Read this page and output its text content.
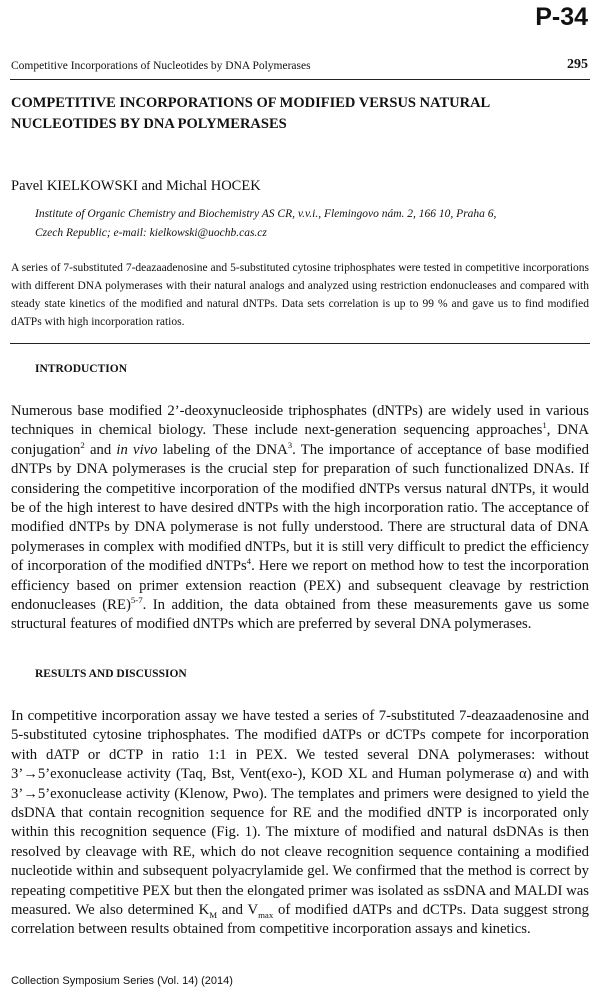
P-34
Competitive Incorporations of Nucleotides by DNA Polymerases	295
COMPETITIVE INCORPORATIONS OF MODIFIED VERSUS NATURAL
NUCLEOTIDES BY DNA POLYMERASES
Pavel KIELKOWSKI and Michal HOCEK
Institute of Organic Chemistry and Biochemistry AS CR, v.v.i., Flemingovo nám. 2, 166 10, Praha 6,
Czech Republic; e-mail: kielkowski@uochb.cas.cz
A series of 7-substituted 7-deazaadenosine and 5-substituted cytosine triphosphates were tested in competitive incorporations with different DNA polymerases with their natural analogs and analyzed using restriction endonucleases and compared with steady state kinetics of the modified and natural dNTPs. Data sets correlation is up to 99 % and gave us to find modified dATPs with high incorporation ratios.
INTRODUCTION
Numerous base modified 2’-deoxynucleoside triphosphates (dNTPs) are widely used in various techniques in chemical biology. These include next-generation sequencing approaches$^1$, DNA conjugation$^2$ and in vivo labeling of the DNA$^3$. The importance of acceptance of base modified dNTPs by DNA polymerases is the crucial step for preparation of such functionalized DNAs. If considering the competitive incorporation of the modified dNTPs versus natural dNTPs, it would be of the high interest to have desired dNTPs with the high incorporation ratio. The acceptance of modified dNTPs by DNA polymerase is not fully understood. There are structural data of DNA polymerases in complex with modified dNTPs, but it is still very difficult to predict the efficiency of incorporation of the modified dNTPs$^4$. Here we report on method how to test the incorporation efficiency based on primer extension reaction (PEX) and subsequent cleavage by restriction endonucleases (RE)$^{5-7}$. In addition, the data obtained from these measurements gave us some structural features of modified dNTPs which are preferred by several DNA polymerases.
RESULTS AND DISCUSSION
In competitive incorporation assay we have tested a series of 7-substituted 7-deazaadenosine and 5-substituted cytosine triphosphates. The modified dATPs or dCTPs compete for incorporation with dATP or dCTP in ratio 1:1 in PEX. We tested several DNA polymerases: without 3’→5’exonuclease activity (Taq, Bst, Vent(exo-), KOD XL and Human polymerase α) and with 3’→5’exonuclease activity (Klenow, Pwo). The templates and primers were designed to yield the dsDNA that contain recognition sequence for RE and the modified dNTP is incorporated only within this recognition sequence (Fig. 1). The mixture of modified and natural dsDNAs is then resolved by cleavage with RE, which do not cleave recognition sequence containing a modified nucleotide within and subsequent polyacrylamide gel. We confirmed that the method is correct by repeating competitive PEX but then the elongated primer was isolated as ssDNA and MALDI was measured. We also determined $K_M$ and $V_{max}$ of modified dATPs and dCTPs. Data suggest strong correlation between results obtained from competitive incorporation assays and kinetics.
Collection Symposium Series (Vol. 14) (2014)
